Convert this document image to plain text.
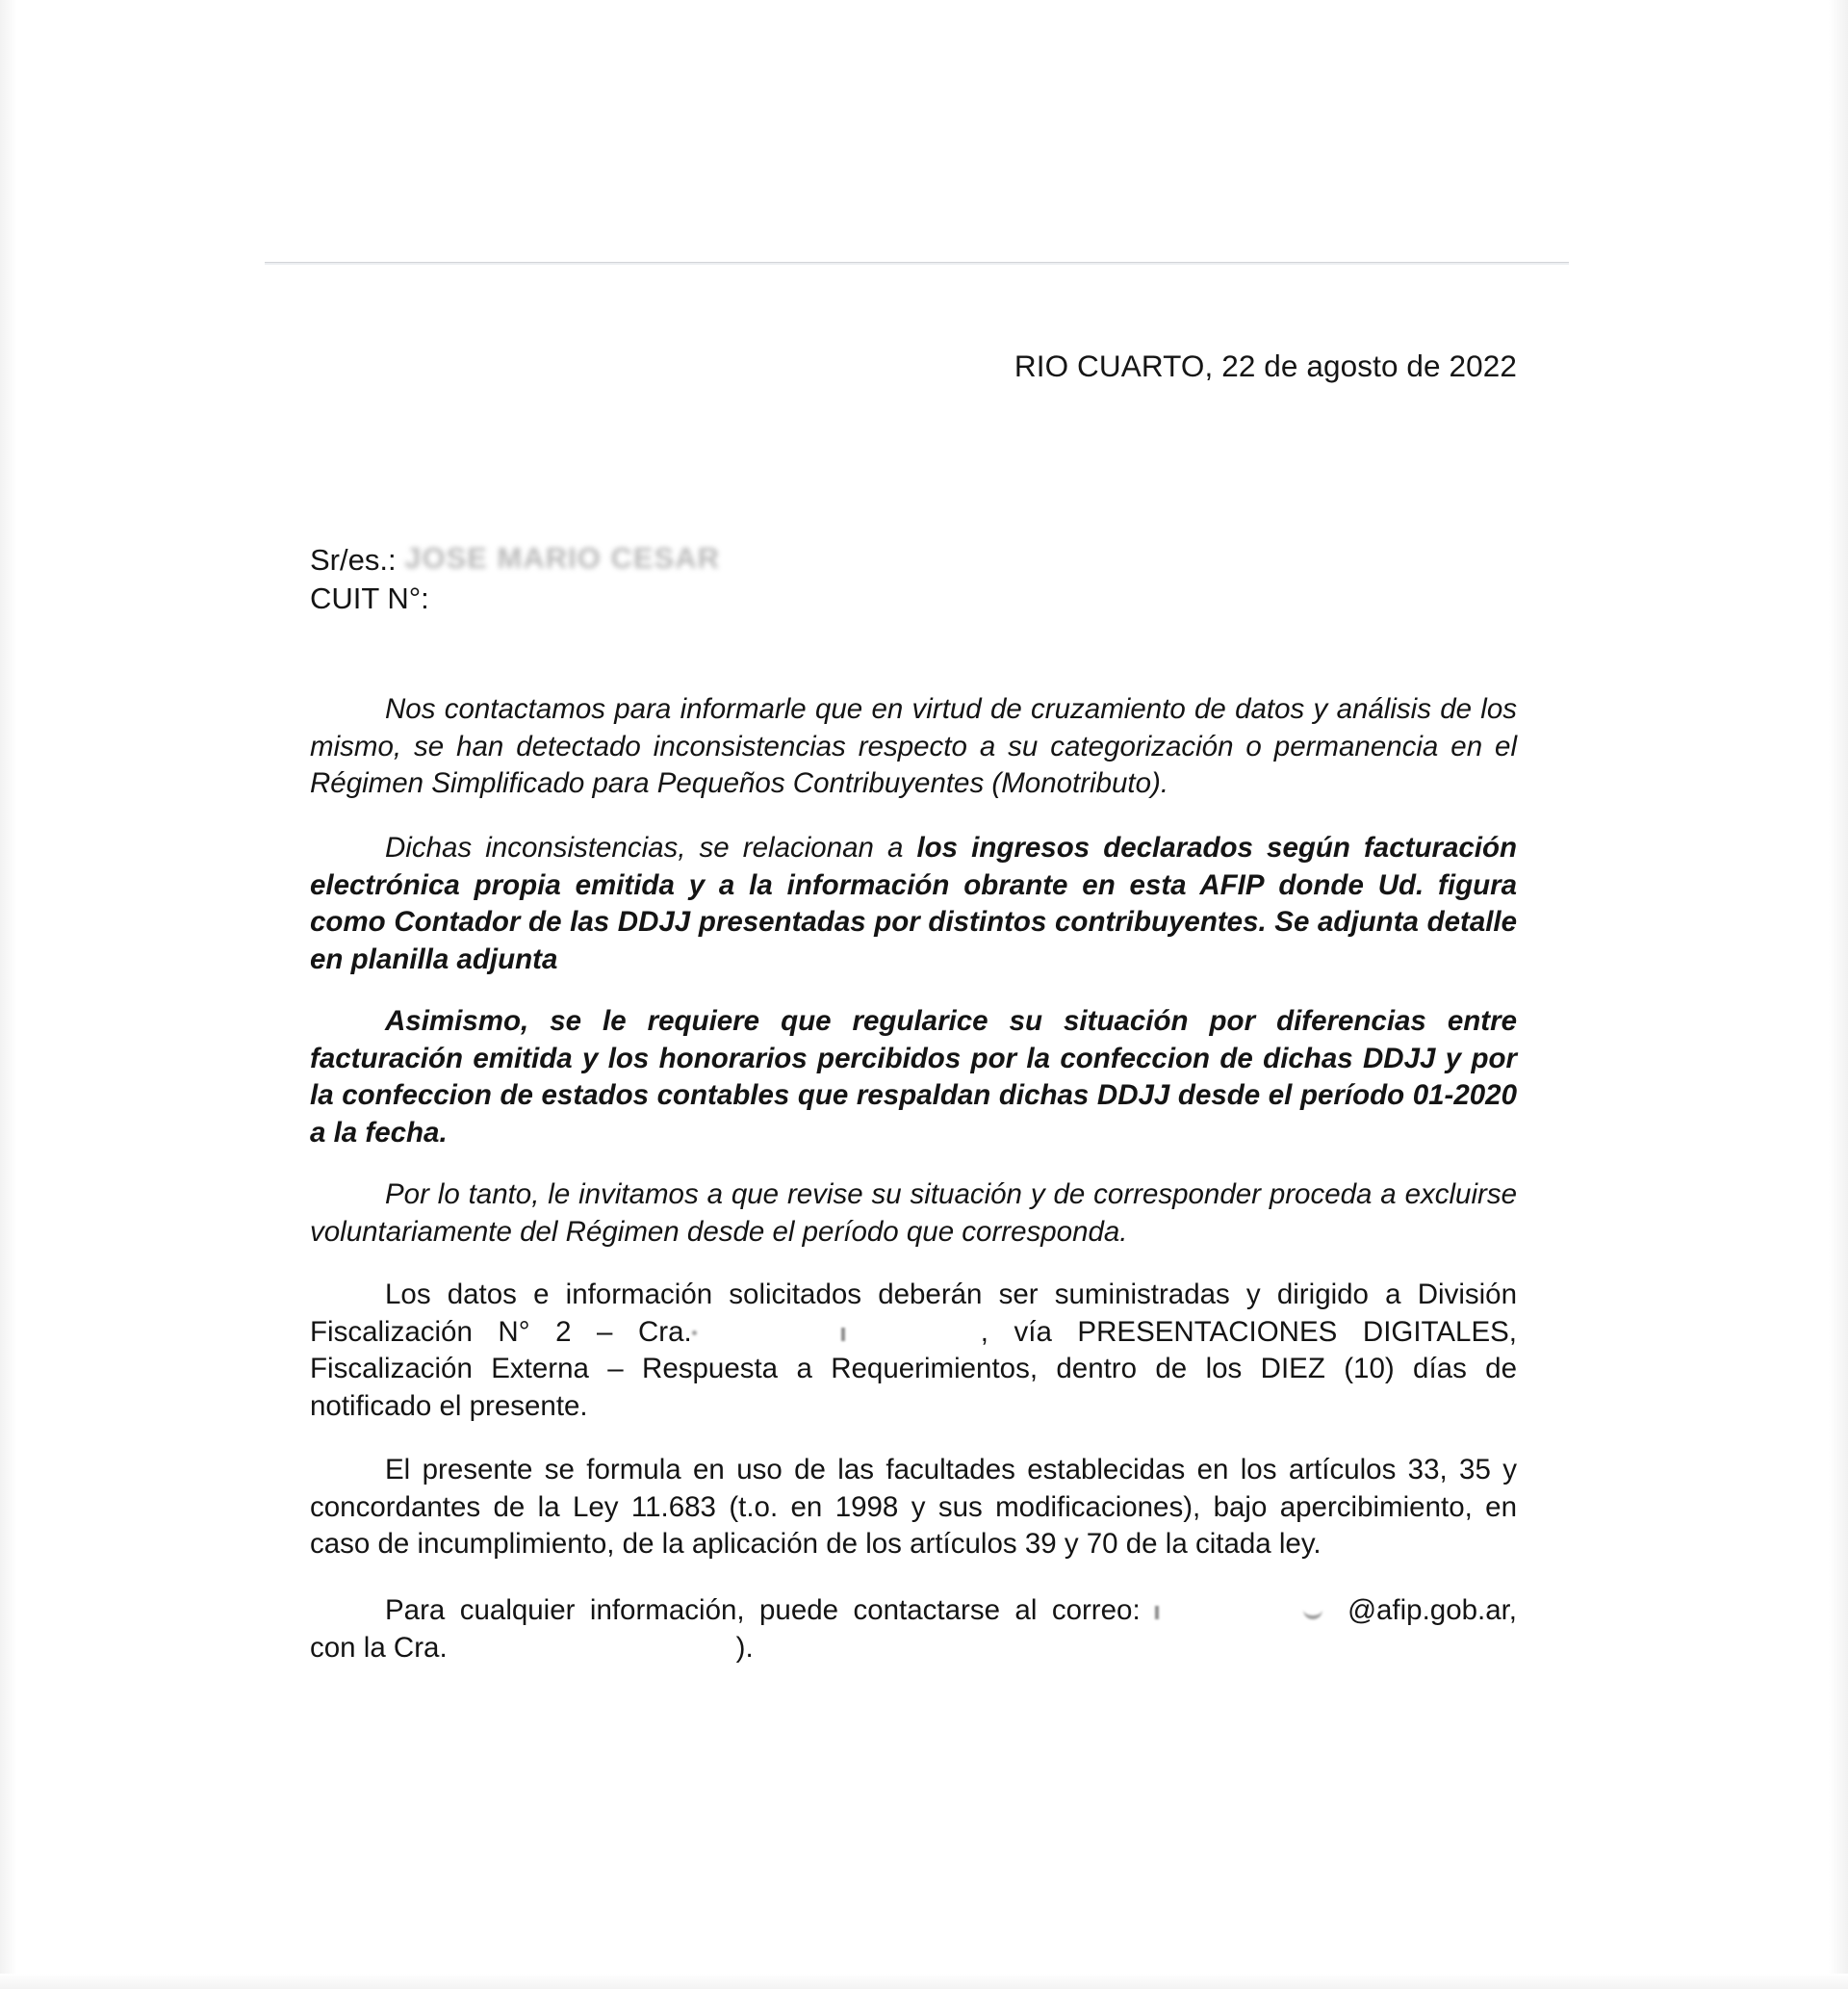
RIO CUARTO, 22 de agosto de 2022
Sr/es.: JOSE MARIO CESAR
CUIT N°:
Nos contactamos para informarle que en virtud de cruzamiento de datos y análisis de los mismo, se han detectado inconsistencias respecto a su categorización o permanencia en el Régimen Simplificado para Pequeños Contribuyentes (Monotributo).
Dichas inconsistencias, se relacionan a los ingresos declarados según facturación electrónica propia emitida y a la información obrante en esta AFIP donde Ud. figura como Contador de las DDJJ presentadas por distintos contribuyentes. Se adjunta detalle en planilla adjunta
Asimismo, se le requiere que regularice su situación por diferencias entre facturación emitida y los honorarios percibidos por la confeccion de dichas DDJJ y por la confeccion de estados contables que respaldan dichas DDJJ desde el período 01-2020 a la fecha.
Por lo tanto, le invitamos a que revise su situación y de corresponder proceda a excluirse voluntariamente del Régimen desde el período que corresponda.
Los datos e información solicitados deberán ser suministradas y dirigido a División Fiscalización N° 2 – Cra.	, vía PRESENTACIONES DIGITALES, Fiscalización Externa – Respuesta a Requerimientos, dentro de los DIEZ (10) días de notificado el presente.
El presente se formula en uso de las facultades establecidas en los artículos 33, 35 y concordantes de la Ley 11.683 (t.o. en 1998 y sus modificaciones), bajo apercibimiento, en caso de incumplimiento, de la aplicación de los artículos 39 y 70 de la citada ley.
Para cualquier información, puede contactarse al correo:	@afip.gob.ar, con la Cra.	).
